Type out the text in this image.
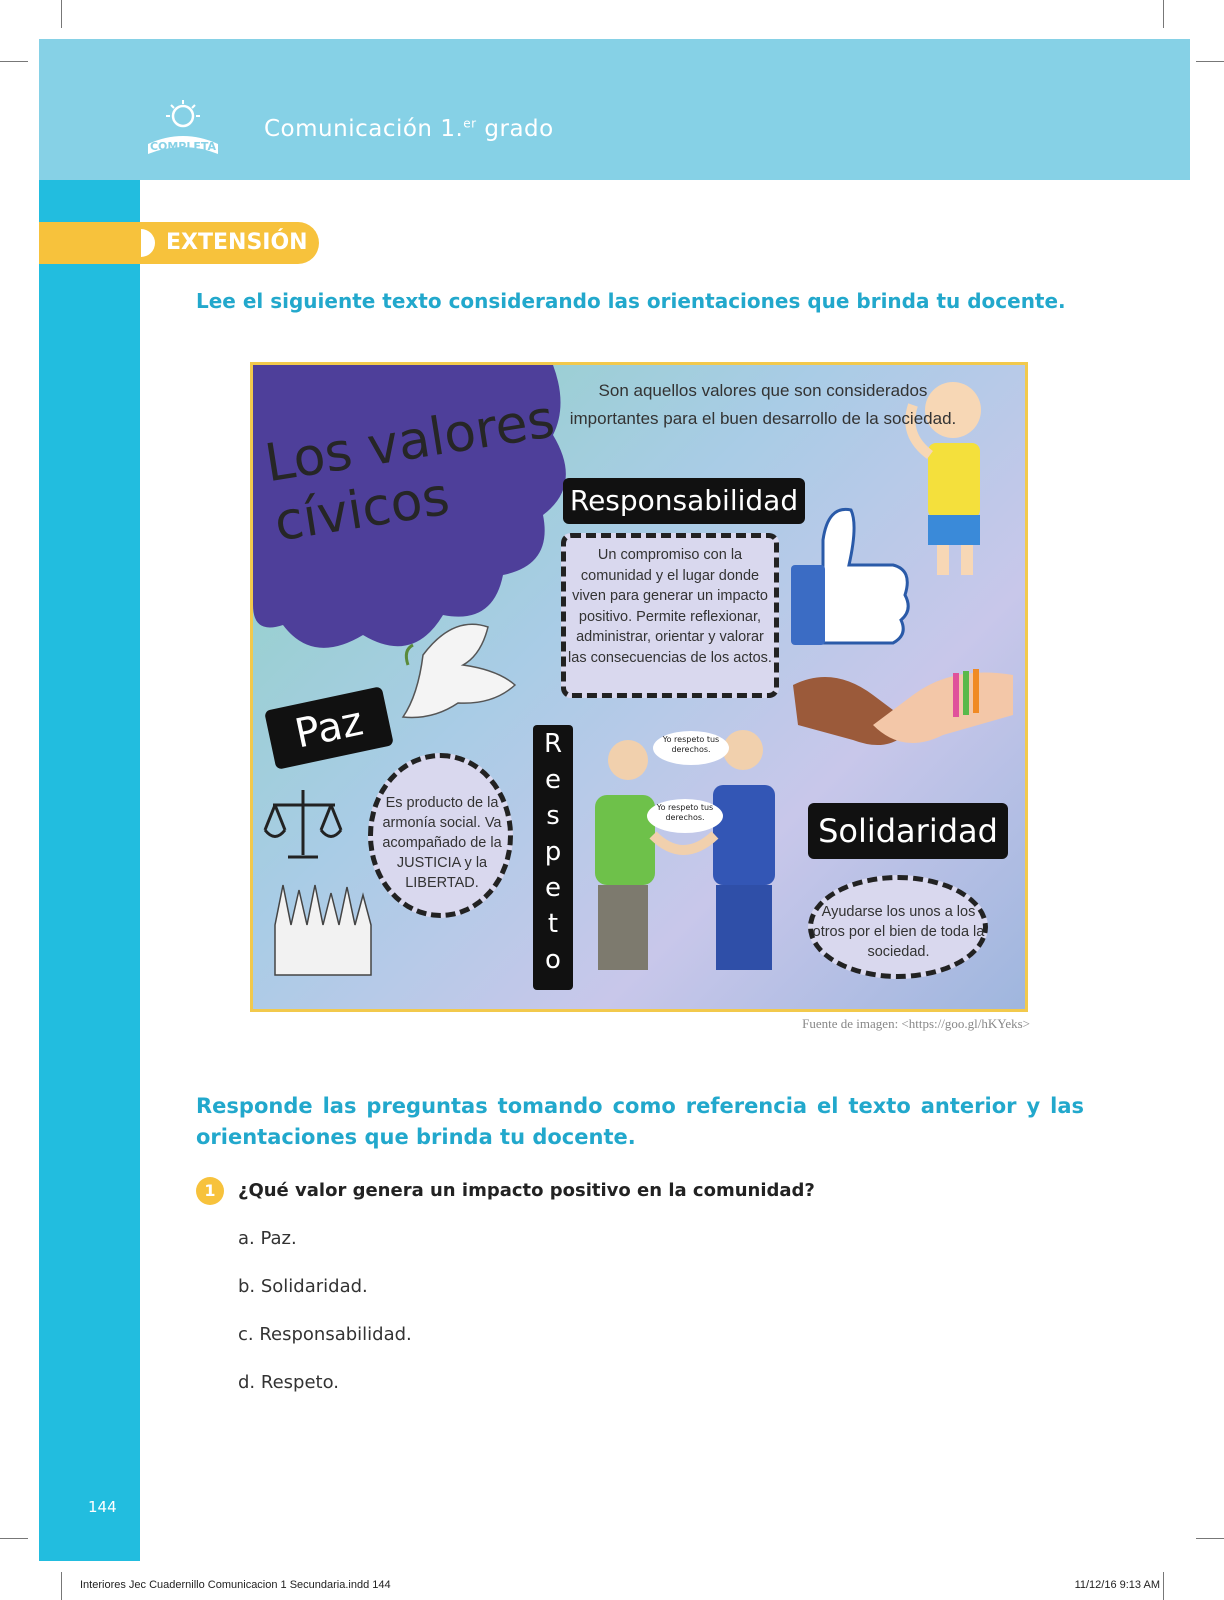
COMPLETA
Comunicación 1.$^{er}$ grado
EXTENSIÓN
Lee el siguiente texto considerando las orientaciones que brinda tu docente.
Son aquellos valores que son considerados importantes para el buen desarrollo de la sociedad.
Los valores cívicos	Responsabilidad
Un compromiso con la comunidad y el lugar donde viven para generar un impacto positivo. Permite reflexionar, administrar, orientar y valorar las consecuencias de los actos.
Paz
Es producto de la armonía social. Va acompañado de la JUSTICIA y la LIBERTAD.
R
e
s
p
e
t
o
Yo respeto tus derechos.
Yo respeto tus derechos.	Solidaridad
Ayudarse los unos a los otros por el bien de toda la sociedad.
Fuente de imagen: <https://goo.gl/hKYeks>
Responde las preguntas tomando como referencia el texto anterior y las orientaciones que brinda tu docente.
1	¿Qué valor genera un impacto positivo en la comunidad?
a. Paz.
b. Solidaridad.
c. Responsabilidad.
d. Respeto.
144
Interiores Jec Cuadernillo Comunicacion 1 Secundaria.indd 144	11/12/16 9:13 AM
